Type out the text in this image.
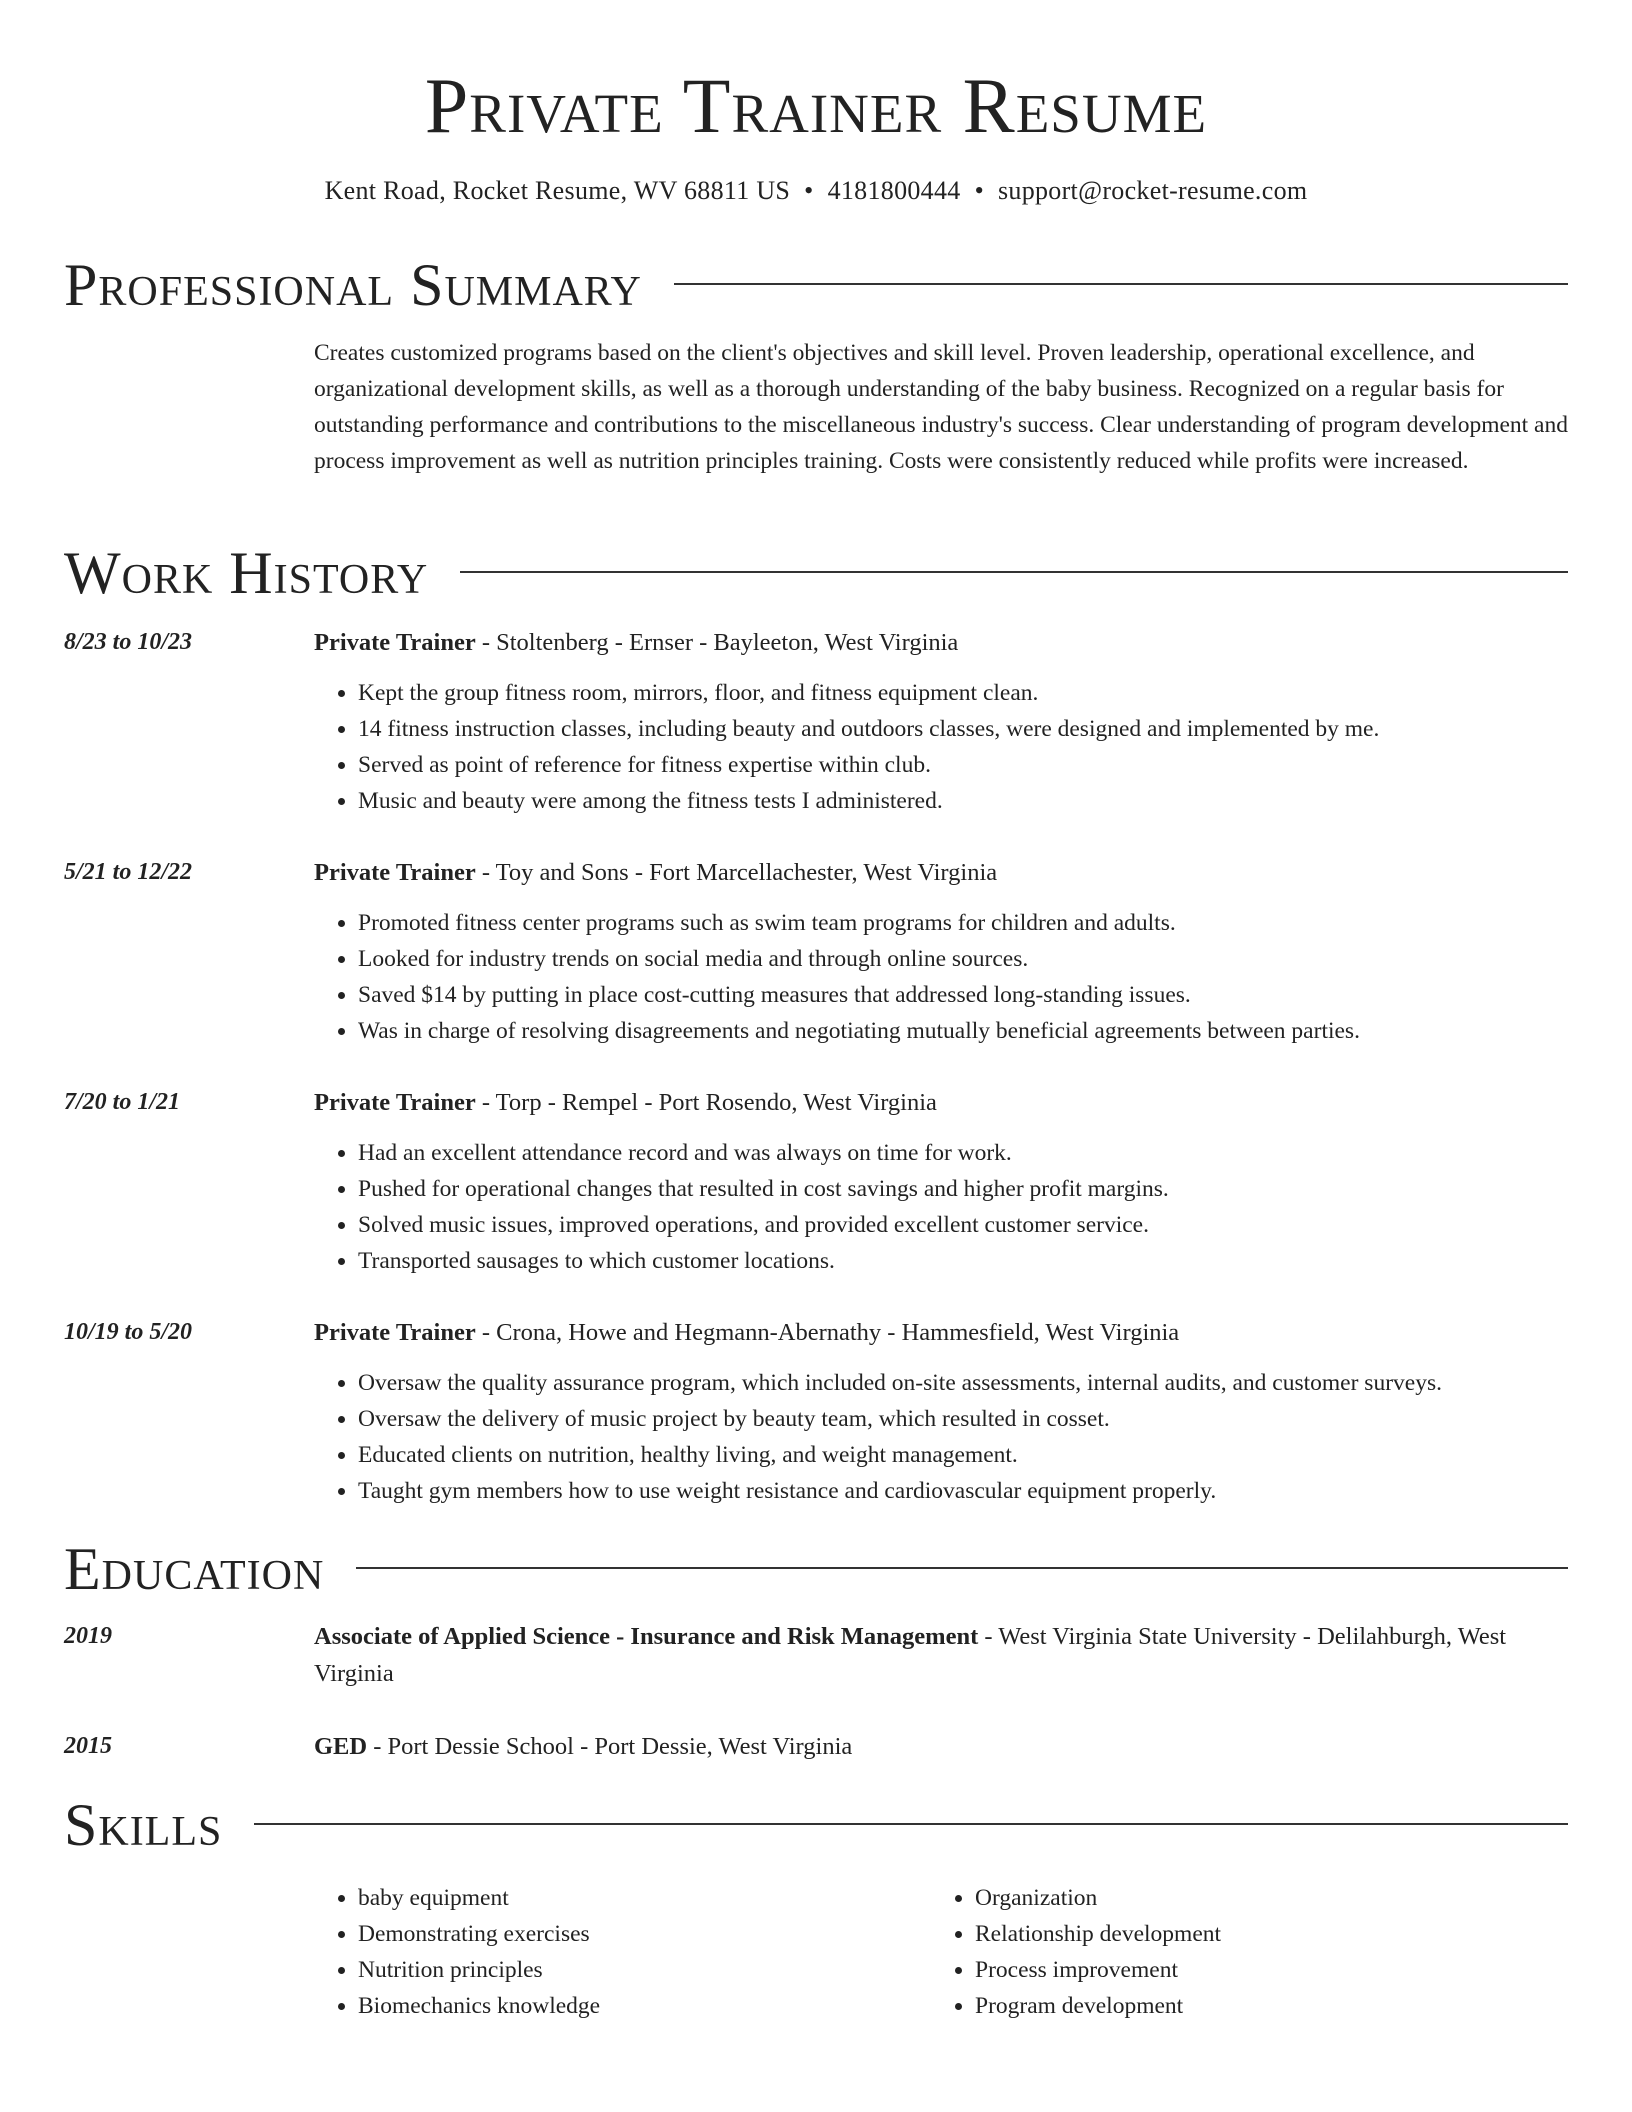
Private Trainer Resume
Kent Road, Rocket Resume, WV 68811 US • 4181800444 • support@rocket-resume.com
Professional Summary

Creates customized programs based on the client's objectives and skill level. Proven leadership, operational excellence, and organizational development skills, as well as a thorough understanding of the baby business. Recognized on a regular basis for outstanding performance and contributions to the miscellaneous industry's success. Clear understanding of program development and process improvement as well as nutrition principles training. Costs were consistently reduced while profits were increased.

Work History
8/23 to 10/23	Private Trainer - Stoltenberg - Ernser - Bayleeton, West Virginia
• Kept the group fitness room, mirrors, floor, and fitness equipment clean.
• 14 fitness instruction classes, including beauty and outdoors classes, were designed and implemented by me.
• Served as point of reference for fitness expertise within club.
• Music and beauty were among the fitness tests I administered.
5/21 to 12/22	Private Trainer - Toy and Sons - Fort Marcellachester, West Virginia
• Promoted fitness center programs such as swim team programs for children and adults.
• Looked for industry trends on social media and through online sources.
• Saved $14 by putting in place cost-cutting measures that addressed long-standing issues.
• Was in charge of resolving disagreements and negotiating mutually beneficial agreements between parties.
7/20 to 1/21	Private Trainer - Torp - Rempel - Port Rosendo, West Virginia
• Had an excellent attendance record and was always on time for work.
• Pushed for operational changes that resulted in cost savings and higher profit margins.
• Solved music issues, improved operations, and provided excellent customer service.
• Transported sausages to which customer locations.
10/19 to 5/20	Private Trainer - Crona, Howe and Hegmann-Abernathy - Hammesfield, West Virginia
• Oversaw the quality assurance program, which included on-site assessments, internal audits, and customer surveys.
• Oversaw the delivery of music project by beauty team, which resulted in cosset.
• Educated clients on nutrition, healthy living, and weight management.
• Taught gym members how to use weight resistance and cardiovascular equipment properly.
Education
2019	Associate of Applied Science - Insurance and Risk Management - West Virginia State University - Delilahburgh, West Virginia
2015	GED - Port Dessie School - Port Dessie, West Virginia
Skills
• baby equipment
• Demonstrating exercises
• Nutrition principles
• Biomechanics knowledge
• Organization
• Relationship development
• Process improvement
• Program development
